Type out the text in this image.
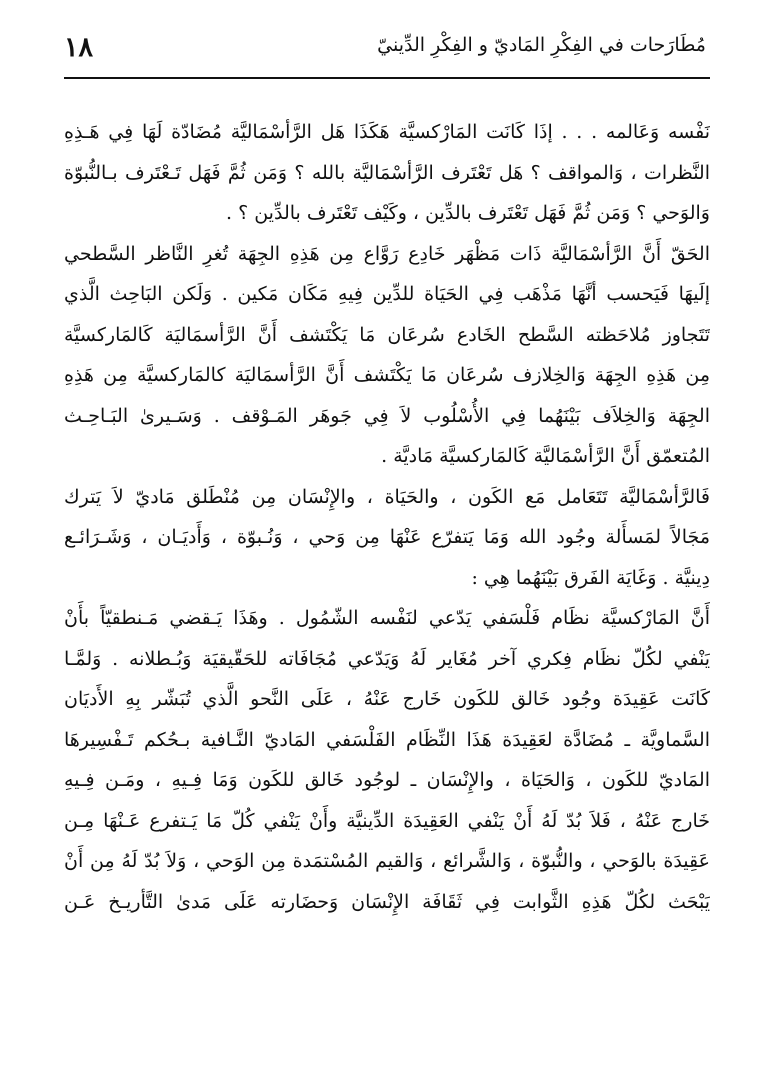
١٨	مُطَارَحات في الفِكْرِ المَاديّ و الفِكْرِ الدِّينيّ
نَفْسه وَعَالمه . . . إذَا كَانَت المَارْكسيَّة هَكَذَا هَل الرَّأسْمَاليَّة مُضَادّة لَهَا فِي هَـذِهِ
النَّظرات ، وَالمواقف ؟ هَل تَعْتَرف الرَّأسْمَاليَّة بالله ؟ وَمَن ثُمَّ فَهَل تَـعْتَرف بـالنُّبوّة
وَالوَحي ؟ وَمَن ثُمَّ فَهَل تَعْتَرف بالدِّين ، وكَيْف تَعْتَرف بالدِّين ؟ .
الحَقّ أَنَّ الرَّأسْمَاليَّة ذَات مَظْهَر خَادِع رَوَّاع مِن هَذِهِ الجِهَة تُغرِ النَّاظر السَّطحي
إلَيهَا فَيَحسب أنَّهَا مَذْهَب فِي الحَيَاة للدِّين فِيهِ مَكَان مَكين . وَلَكن البَاحِث الَّذي
تَتَجاوز مُلاحَظته السَّطح الخَادع سُرعَان مَا يَكْتَشف أَنَّ الرَّأسمَاليَة كَالمَاركسيَّة
مِن هَذِهِ الجِهَة وَالخِلازف سُرعَان مَا يَكْتَشف أَنَّ الرَّأسمَاليَة كالمَاركسيَّة مِن هَذِهِ
الجِهَة وَالخِلاَف بَيْنَهُما فِي الأُسْلُوب لاَ فِي جَوهَر المَـوْقف . وَسَـيرىٰ البَـاحِـث
المُتعمّق أَنَّ الرَّأسْمَاليَّة كَالمَاركسيَّة مَاديَّة .
فَالرَّأسْمَاليَّة تَتَعَامل مَع الكَون ، والحَيَاة ، والإِنْسَان مِن مُنْطَلق مَاديّ لاَ يَترك
مَجَالاً لمَسأَلة وجُود الله وَمَا يَتفرّع عَنْهَا مِن وَحي ، وَنُـبوّة ، وَأَديَـان ، وَشَـرَائـع
دِينيَّة . وَغَايَة الفَرق بَيْنَهُما هِي :
أَنَّ المَارْكسيَّة نظَام فَلْسَفي يَدّعي لنَفْسه الشّمُول . وهَذَا يَـقضي مَـنطقيّاً بأَنْ
يَنْفي لكُلّ نظَام فِكري آخر مُغَاير لَهُ وَيَدّعي مُجَافَاته للحَقّيقيَة وَبُـطلانه . وَلمَّـا
كَانَت عَقِيدَة وجُود خَالق للكَون خَارج عَنْهُ ، عَلَى النَّحو الَّذي تُبَشّر بِهِ الأَديَان
السَّماويَّة ـ مُضَادَّة لعَقِيدَة هَذَا النِّظَام الفَلْسَفي المَاديّ النَّـافية بـحُكم تَـفْسِيرهَا
المَاديّ للكَون ، وَالحَيَاة ، والإِنْسَان ـ لوجُود خَالق للكَون وَمَا فِـيهِ ، ومَـن فِـيهِ
خَارج عَنْهُ ، فَلاَ بُدّ لَهُ أَنْ يَنْفي العَقِيدَة الدِّينيَّة وأَنْ يَنْفي كُلّ مَا يَـتفرع عَـنْهَا مِـن
عَقِيدَة بالوَحي ، والنُّبوّة ، وَالشَّرائع ، وَالقيم المُسْتمَدة مِن الوَحي ، وَلاَ بُدّ لَهُ مِن أَنْ
يَبْحَث لكُلّ هَذِهِ الثَّوابت فِي ثَقَافَة الإِنْسَان وَحضَارته عَلَى مَدىٰ التَّأريـخ عَـن
